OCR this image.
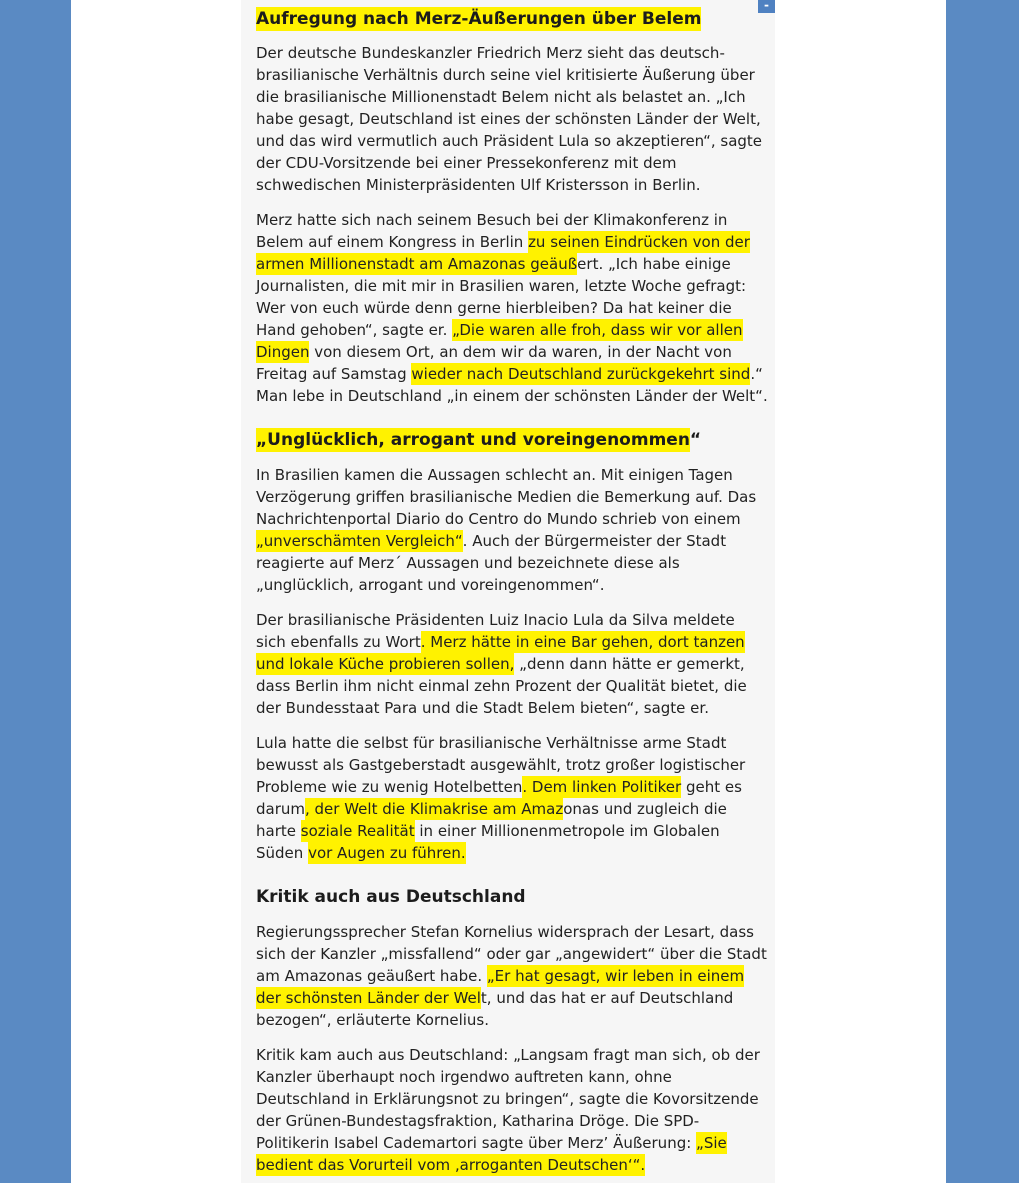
-
Aufregung nach Merz-Äußerungen über Belem

Der deutsche Bundeskanzler Friedrich Merz sieht das deutsch-brasilianische Verhältnis durch seine viel kritisierte Äußerung über die brasilianische Millionenstadt Belem nicht als belastet an. „Ich habe gesagt, Deutschland ist eines der schönsten Länder der Welt, und das wird vermutlich auch Präsident Lula so akzeptieren“, sagte der CDU-Vorsitzende bei einer Pressekonferenz mit dem schwedischen Ministerpräsidenten Ulf Kristersson in Berlin.

Merz hatte sich nach seinem Besuch bei der Klimakonferenz in Belem auf einem Kongress in Berlin zu seinen Eindrücken von der armen Millionenstadt am Amazonas geäußert. „Ich habe einige Journalisten, die mit mir in Brasilien waren, letzte Woche gefragt: Wer von euch würde denn gerne hierbleiben? Da hat keiner die Hand gehoben“, sagte er. „Die waren alle froh, dass wir vor allen Dingen von diesem Ort, an dem wir da waren, in der Nacht von Freitag auf Samstag wieder nach Deutschland zurückgekehrt sind.“ Man lebe in Deutschland „in einem der schönsten Länder der Welt“.

„Unglücklich, arrogant und voreingenommen“

In Brasilien kamen die Aussagen schlecht an. Mit einigen Tagen Verzögerung griffen brasilianische Medien die Bemerkung auf. Das Nachrichtenportal Diario do Centro do Mundo schrieb von einem „unverschämten Vergleich“. Auch der Bürgermeister der Stadt reagierte auf Merz´ Aussagen und bezeichnete diese als „unglücklich, arrogant und voreingenommen“.

Der brasilianische Präsidenten Luiz Inacio Lula da Silva meldete sich ebenfalls zu Wort. Merz hätte in eine Bar gehen, dort tanzen und lokale Küche probieren sollen, „denn dann hätte er gemerkt, dass Berlin ihm nicht einmal zehn Prozent der Qualität bietet, die der Bundesstaat Para und die Stadt Belem bieten“, sagte er.

Lula hatte die selbst für brasilianische Verhältnisse arme Stadt bewusst als Gastgeberstadt ausgewählt, trotz großer logistischer Probleme wie zu wenig Hotelbetten. Dem linken Politiker geht es darum, der Welt die Klimakrise am Amazonas und zugleich die harte soziale Realität in einer Millionenmetropole im Globalen Süden vor Augen zu führen.

Kritik auch aus Deutschland

Regierungssprecher Stefan Kornelius widersprach der Lesart, dass sich der Kanzler „missfallend“ oder gar „angewidert“ über die Stadt am Amazonas geäußert habe. „Er hat gesagt, wir leben in einem der schönsten Länder der Welt, und das hat er auf Deutschland bezogen“, erläuterte Kornelius.

Kritik kam auch aus Deutschland: „Langsam fragt man sich, ob der Kanzler überhaupt noch irgendwo auftreten kann, ohne Deutschland in Erklärungsnot zu bringen“, sagte die Kovorsitzende der Grünen-Bundestagsfraktion, Katharina Dröge. Die SPD-Politikerin Isabel Cademartori sagte über Merz’ Äußerung: „Sie bedient das Vorurteil vom ‚arroganten Deutschen‘“.
